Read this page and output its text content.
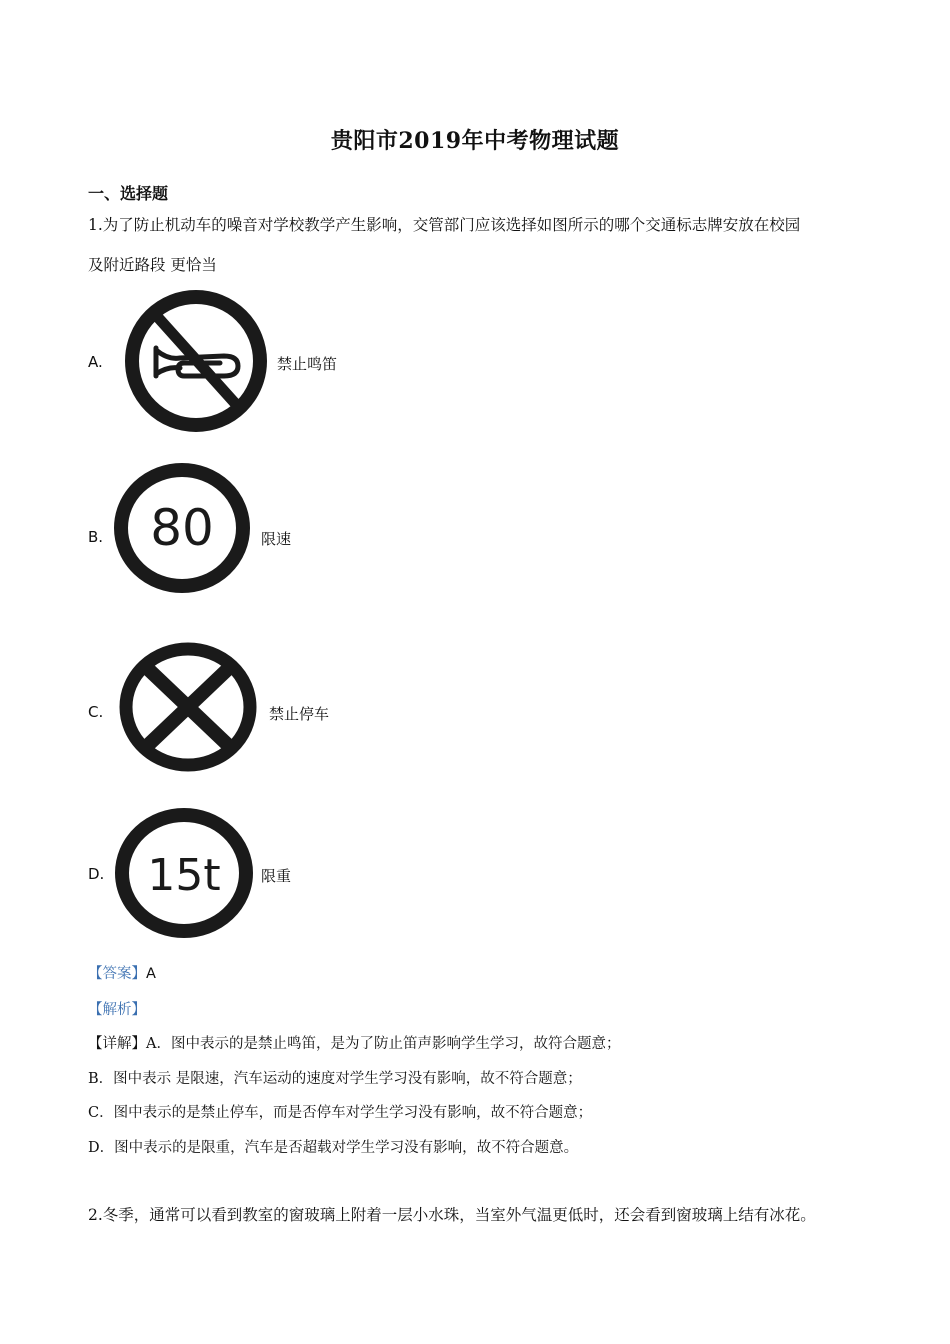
贵阳市2019年中考物理试题
一、选择题
1.为了防止机动车的噪音对学校教学产生影响，交管部门应该选择如图所示的哪个交通标志牌安放在校园
及附近路段 更恰当
A.	禁止鸣笛
B. 80	限速
C.	禁止停车
D. 15t	限重
【答案】A
【解析】
【详解】A．图中表示的是禁止鸣笛，是为了防止笛声影响学生学习，故符合题意；
B．图中表示 是限速，汽车运动的速度对学生学习没有影响，故不符合题意；
C．图中表示的是禁止停车，而是否停车对学生学习没有影响，故不符合题意；
D．图中表示的是限重，汽车是否超载对学生学习没有影响，故不符合题意。
2.冬季，通常可以看到教室的窗玻璃上附着一层小水珠，当室外气温更低时，还会看到窗玻璃上结有冰花。
